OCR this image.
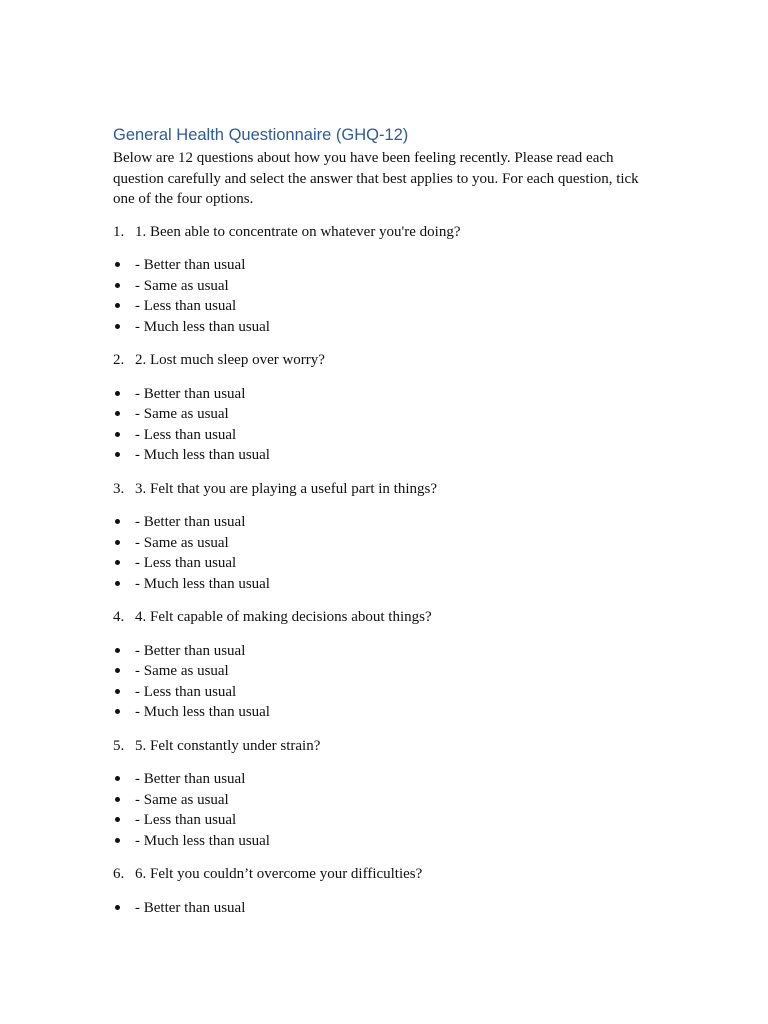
General Health Questionnaire (GHQ-12)

Below are 12 questions about how you have been feeling recently. Please read each question carefully and select the answer that best applies to you. For each question, tick one of the four options.

1. 1. Been able to concentrate on whatever you're doing?
- Better than usual
- Same as usual
- Less than usual
- Much less than usual
2. 2. Lost much sleep over worry?
- Better than usual
- Same as usual
- Less than usual
- Much less than usual
3. 3. Felt that you are playing a useful part in things?
- Better than usual
- Same as usual
- Less than usual
- Much less than usual
4. 4. Felt capable of making decisions about things?
- Better than usual
- Same as usual
- Less than usual
- Much less than usual
5. 5. Felt constantly under strain?
- Better than usual
- Same as usual
- Less than usual
- Much less than usual
6. 6. Felt you couldn’t overcome your difficulties?
- Better than usual
